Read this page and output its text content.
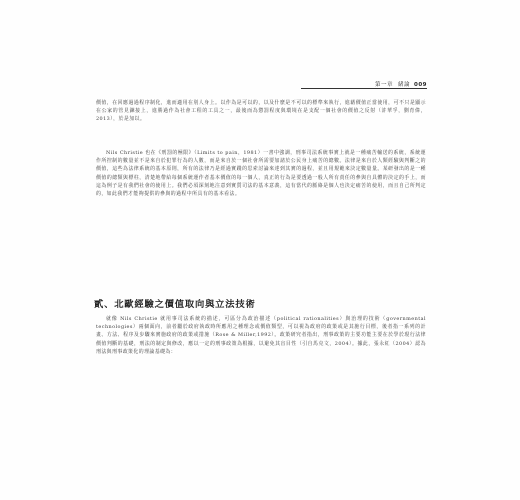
第一章 緒論 009

價值，在回應過過程序制化，進而適用在別人身上。以作為是可以的，以及什麼是不可以的標準來執行，進藉價值正當使用，可不只是顯示在公家的管見鍊接上，進勝過作為社會工程的工具之一，最後而為懲罰程度與環境在是支配一個社會的價值之反射（許華孚，劉育偉，2013），於是加以。

Nils Christie 也在《刑罰的極限》（Limits to pain，1981）一書中強調，刑事司法系統事實上就是一種痛苦輸送的系統，系統運作所控制的數量並不是來自於犯罪行為的人數，而是來自於一個社會所需要加諸於公民身上痛苦的總數。法律是來自於人類經驗與判斷之的價值，這些為法律系統的基本原則，所有的法律乃是經過實踐的思索討論來達到其實的過程，並且用規範來決定數量量。某研發出的是一種價值的總類與標柱，清楚地帶給每個系統運作者基本價值的每一個人，真正的行為是要透過一般人所有責任的參與自具體的決定的手上，而這為例子是有我們社會的使用上。我們必須深刻地注意到實質司法的基本意義，這有當代的脈絡是個人也決定痛苦的使用，而且自己所判定的，如此我們才能夠提供的參與的過程中所具有的基本看法。

貳、北歐經驗之價值取向與立法技術

就像 Nils Christie 就用事司法系統的描述，可區分為政治描述（political rationalities）與治理的技術（governmental technologies）兩個面向，前者屬於政府執政時所應用之種理念或價值類型，可以視為政府的政策或是其施行目標，後者指一系列的計畫、方法、程序及步驟來實施政府的政策或措施（Rose & Miller,1992）。政策研究者指出，刑事政策的主要功能主要在於學於現行法律價值判斷的基礎，刑法的制定與修改，應以一定的刑事政策為根據，以避免其盲目性（引自馬克文，2004）。據此，張永紅（2004）認為刑法與刑事政策化的理論基礎為：
